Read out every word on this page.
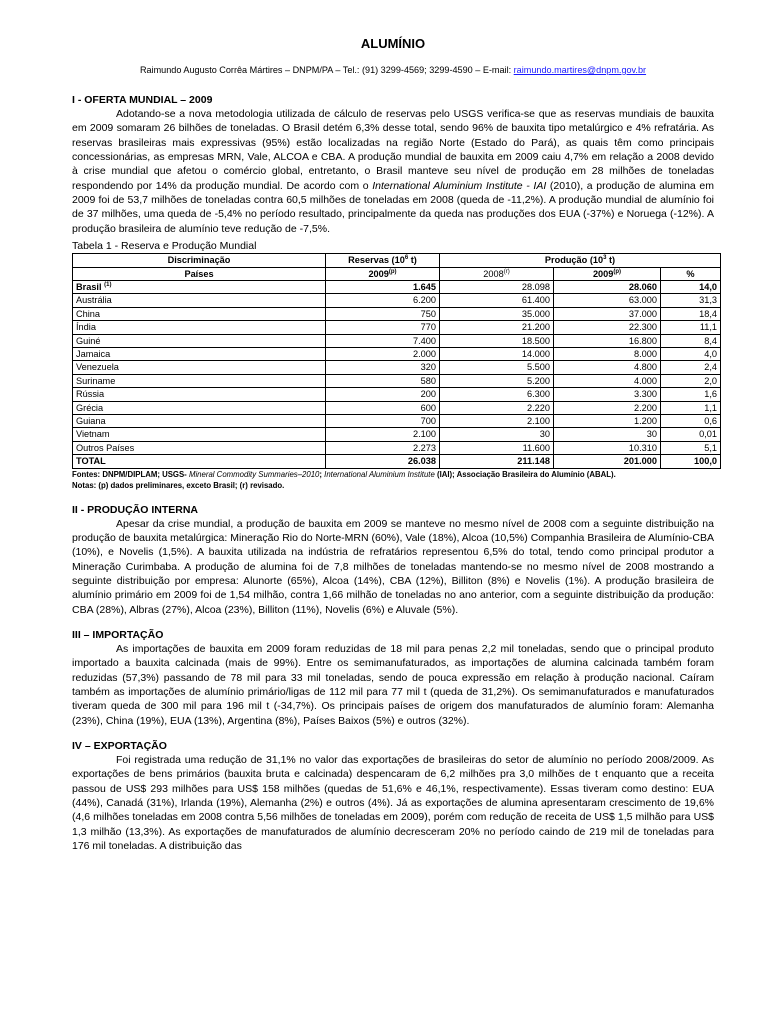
ALUMÍNIO
Raimundo Augusto Corrêa Mártires – DNPM/PA – Tel.: (91) 3299-4569; 3299-4590 – E-mail: raimundo.martires@dnpm.gov.br
I - OFERTA MUNDIAL – 2009

Adotando-se a nova metodologia utilizada de cálculo de reservas pelo USGS verifica-se que as reservas mundiais de bauxita em 2009 somaram 26 bilhões de toneladas. O Brasil detém 6,3% desse total, sendo 96% de bauxita tipo metalúrgico e 4% refratária. As reservas brasileiras mais expressivas (95%) estão localizadas na região Norte (Estado do Pará), as quais têm como principais concessionárias, as empresas MRN, Vale, ALCOA e CBA. A produção mundial de bauxita em 2009 caiu 4,7% em relação a 2008 devido à crise mundial que afetou o comércio global, entretanto, o Brasil manteve seu nível de produção em 28 milhões de toneladas respondendo por 14% da produção mundial. De acordo com o International Aluminium Institute - IAI (2010), a produção de alumina em 2009 foi de 53,7 milhões de toneladas contra 60,5 milhões de toneladas em 2008 (queda de -11,2%). A produção mundial de alumínio foi de 37 milhões, uma queda de -5,4% no período resultado, principalmente da queda nas produções dos EUA (-37%) e Noruega (-12%). A produção brasileira de alumínio teve redução de -7,5%.

Tabela 1 - Reserva e Produção Mundial
Discriminação	Reservas ($10^6$ t)	Produção ($10^3$ t)		
Países	2009$^{(p)}$	2008$^{(r)}$	2009$^{(p)}$	%
Brasil $^{(1)}$	1.645	28.098	28.060	14,0
Austrália	6.200	61.400	63.000	31,3
China	750	35.000	37.000	18,4
Índia	770	21.200	22.300	11,1
Guiné	7.400	18.500	16.800	8,4
Jamaica	2.000	14.000	8.000	4,0
Venezuela	320	5.500	4.800	2,4
Suriname	580	5.200	4.000	2,0
Rússia	200	6.300	3.300	1,6
Grécia	600	2.220	2.200	1,1
Guiana	700	2.100	1.200	0,6
Vietnam	2.100	30	30	0,01
Outros Países	2.273	11.600	10.310	5,1
TOTAL	26.038	211.148	201.000	100,0

Fontes: DNPM/DIPLAM; USGS- Mineral Commodity Summaries–2010; International Aluminium Institute (IAI); Associação Brasileira do Alumínio (ABAL).

Notas: (p) dados preliminares, exceto Brasil; (r) revisado.

II - PRODUÇÃO INTERNA

Apesar da crise mundial, a produção de bauxita em 2009 se manteve no mesmo nível de 2008 com a seguinte distribuição na produção de bauxita metalúrgica: Mineração Rio do Norte-MRN (60%), Vale (18%), Alcoa (10,5%) Companhia Brasileira de Alumínio-CBA (10%), e Novelis (1,5%). A bauxita utilizada na indústria de refratários representou 6,5% do total, tendo como principal produtor a Mineração Curimbaba. A produção de alumina foi de 7,8 milhões de toneladas mantendo-se no mesmo nível de 2008 mostrando a seguinte distribuição por empresa: Alunorte (65%), Alcoa (14%), CBA (12%), Billiton (8%) e Novelis (1%). A produção brasileira de alumínio primário em 2009 foi de 1,54 milhão, contra 1,66 milhão de toneladas no ano anterior, com a seguinte distribuição da produção: CBA (28%), Albras (27%), Alcoa (23%), Billiton (11%), Novelis (6%) e Aluvale (5%).

III – IMPORTAÇÃO

As importações de bauxita em 2009 foram reduzidas de 18 mil para penas 2,2 mil toneladas, sendo que o principal produto importado a bauxita calcinada (mais de 99%). Entre os semimanufaturados, as importações de alumina calcinada também foram reduzidas (57,3%) passando de 78 mil para 33 mil toneladas, sendo de pouca expressão em relação à produção nacional. Caíram também as importações de alumínio primário/ligas de 112 mil para 77 mil t (queda de 31,2%). Os semimanufaturados e manufaturados tiveram queda de 300 mil para 196 mil t (-34,7%). Os principais países de origem dos manufaturados de alumínio foram: Alemanha (23%), China (19%), EUA (13%), Argentina (8%), Países Baixos (5%) e outros (32%).

IV – EXPORTAÇÃO

Foi registrada uma redução de 31,1% no valor das exportações de brasileiras do setor de alumínio no período 2008/2009. As exportações de bens primários (bauxita bruta e calcinada) despencaram de 6,2 milhões pra 3,0 milhões de t enquanto que a receita passou de US$ 293 milhões para US$ 158 milhões (quedas de 51,6% e 46,1%, respectivamente). Essas tiveram como destino: EUA (44%), Canadá (31%), Irlanda (19%), Alemanha (2%) e outros (4%). Já as exportações de alumina apresentaram crescimento de 19,6% (4,6 milhões toneladas em 2008 contra 5,56 milhões de toneladas em 2009), porém com redução de receita de US$ 1,5 milhão para US$ 1,3 milhão (13,3%). As exportações de manufaturados de alumínio decresceram 20% no período caindo de 219 mil de toneladas para 176 mil toneladas. A distribuição das
